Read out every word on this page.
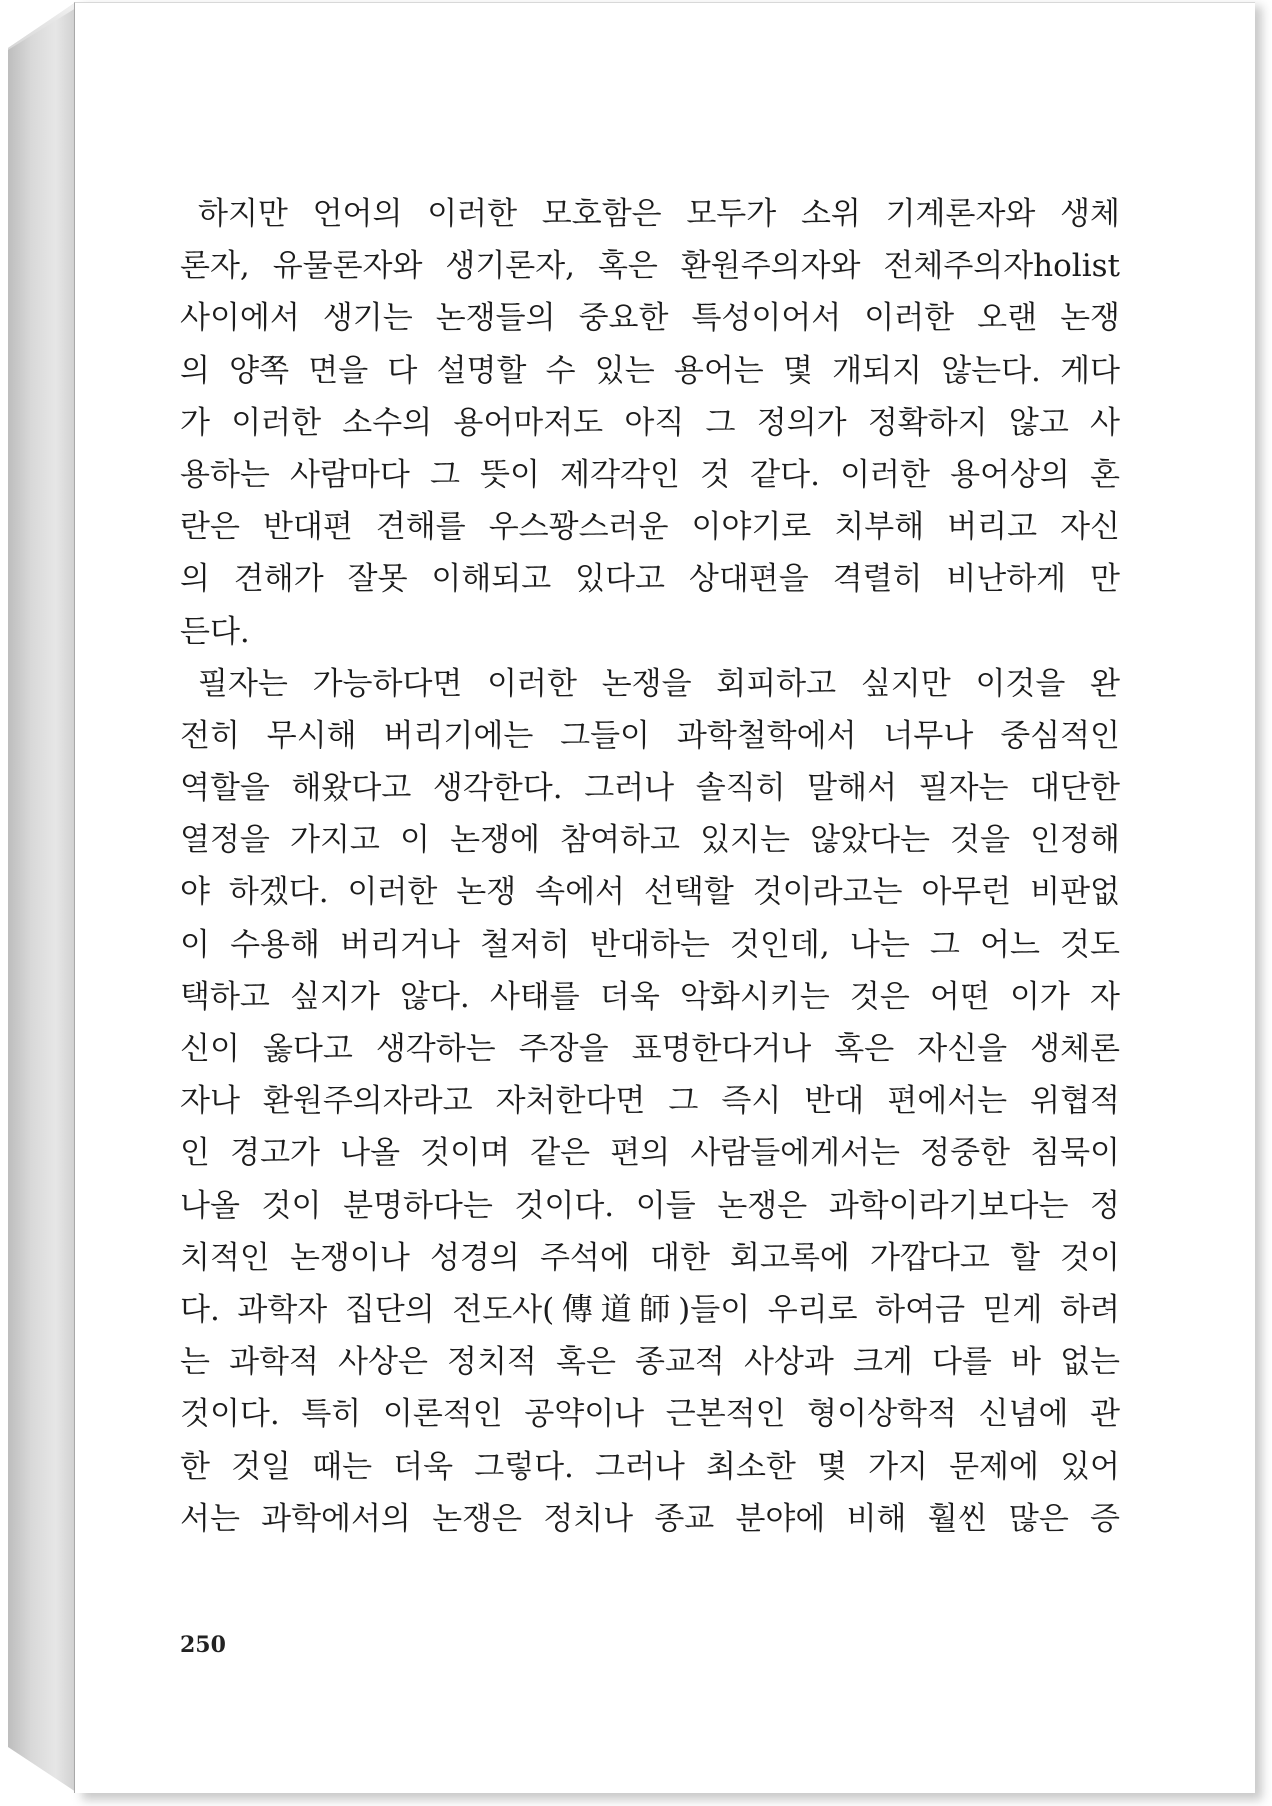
하지만 언어의 이러한 모호함은 모두가 소위 기계론자와 생체
론자, 유물론자와 생기론자, 혹은 환원주의자와 전체주의자holist
사이에서 생기는 논쟁들의 중요한 특성이어서 이러한 오랜 논쟁
의 양쪽 면을 다 설명할 수 있는 용어는 몇 개되지 않는다. 게다
가 이러한 소수의 용어마저도 아직 그 정의가 정확하지 않고 사
용하는 사람마다 그 뜻이 제각각인 것 같다. 이러한 용어상의 혼
란은 반대편 견해를 우스꽝스러운 이야기로 치부해 버리고 자신
의 견해가 잘못 이해되고 있다고 상대편을 격렬히 비난하게 만
든다.
필자는 가능하다면 이러한 논쟁을 회피하고 싶지만 이것을 완
전히 무시해 버리기에는 그들이 과학철학에서 너무나 중심적인
역할을 해왔다고 생각한다. 그러나 솔직히 말해서 필자는 대단한
열정을 가지고 이 논쟁에 참여하고 있지는 않았다는 것을 인정해
야 하겠다. 이러한 논쟁 속에서 선택할 것이라고는 아무런 비판없
이 수용해 버리거나 철저히 반대하는 것인데, 나는 그 어느 것도
택하고 싶지가 않다. 사태를 더욱 악화시키는 것은 어떤 이가 자
신이 옳다고 생각하는 주장을 표명한다거나 혹은 자신을 생체론
자나 환원주의자라고 자처한다면 그 즉시 반대 편에서는 위협적
인 경고가 나올 것이며 같은 편의 사람들에게서는 정중한 침묵이
나올 것이 분명하다는 것이다. 이들 논쟁은 과학이라기보다는 정
치적인 논쟁이나 성경의 주석에 대한 회고록에 가깝다고 할 것이
다. 과학자 집단의 전도사(傳道師)들이 우리로 하여금 믿게 하려
는 과학적 사상은 정치적 혹은 종교적 사상과 크게 다를 바 없는
것이다. 특히 이론적인 공약이나 근본적인 형이상학적 신념에 관
한 것일 때는 더욱 그렇다. 그러나 최소한 몇 가지 문제에 있어
서는 과학에서의 논쟁은 정치나 종교 분야에 비해 훨씬 많은 증
250
